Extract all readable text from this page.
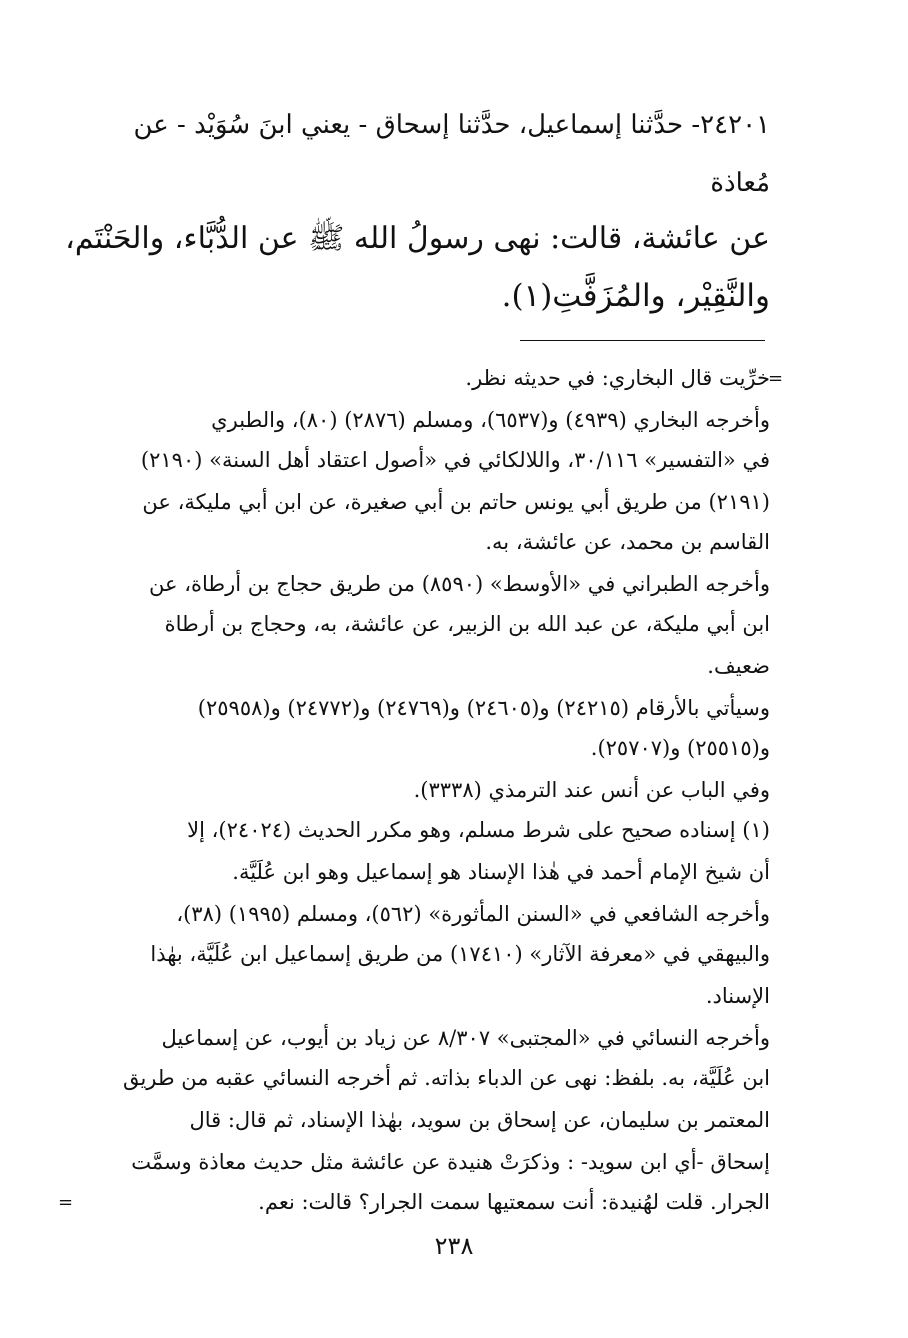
٢٤٢٠١- حدَّثنا إسماعيل، حدَّثنا إسحاق - يعني ابنَ سُوَيْد - عن
مُعاذة
عن عائشة، قالت: نهى رسولُ الله ﷺ عن الدُّبَّاء، والحَنْتَم،
والنَّقِيْر، والمُزَفَّتِ(١).
خرِّيت قال البخاري: في حديثه نظر.
وأخرجه البخاري (٤٩٣٩) و(٦٥٣٧)، ومسلم (٢٨٧٦) (٨٠)، والطبري
في «التفسير» ٣٠/١١٦، واللالكائي في «أصول اعتقاد أهل السنة» (٢١٩٠)
(٢١٩١) من طريق أبي يونس حاتم بن أبي صغيرة، عن ابن أبي مليكة، عن
القاسم بن محمد، عن عائشة، به.
وأخرجه الطبراني في «الأوسط» (٨٥٩٠) من طريق حجاج بن أرطاة، عن
ابن أبي مليكة، عن عبد الله بن الزبير، عن عائشة، به، وحجاج بن أرطاة
ضعيف.
وسيأتي بالأرقام (٢٤٢١٥) و(٢٤٦٠٥) و(٢٤٧٦٩) و(٢٤٧٧٢) و(٢٥٩٥٨)
و(٢٥٥١٥) و(٢٥٧٠٧).
وفي الباب عن أنس عند الترمذي (٣٣٣٨).
(١) إسناده صحيح على شرط مسلم، وهو مكرر الحديث (٢٤٠٢٤)، إلا
أن شيخ الإمام أحمد في هٰذا الإسناد هو إسماعيل وهو ابن عُلَيَّة.
وأخرجه الشافعي في «السنن المأثورة» (٥٦٢)، ومسلم (١٩٩٥) (٣٨)،
والبيهقي في «معرفة الآثار» (١٧٤١٠) من طريق إسماعيل ابن عُلَيَّة، بهٰذا
الإسناد.
وأخرجه النسائي في «المجتبى» ٨/٣٠٧ عن زياد بن أيوب، عن إسماعيل
ابن عُلَيَّة، به. بلفظ: نهى عن الدباء بذاته. ثم أخرجه النسائي عقبه من طريق
المعتمر بن سليمان، عن إسحاق بن سويد، بهٰذا الإسناد، ثم قال: قال
إسحاق -أي ابن سويد- : وذكرَتْ هنيدة عن عائشة مثل حديث معاذة وسمَّت
الجرار. قلت لهُنيدة: أنت سمعتيها سمت الجرار؟ قالت: نعم.
=
=
٢٣٨
